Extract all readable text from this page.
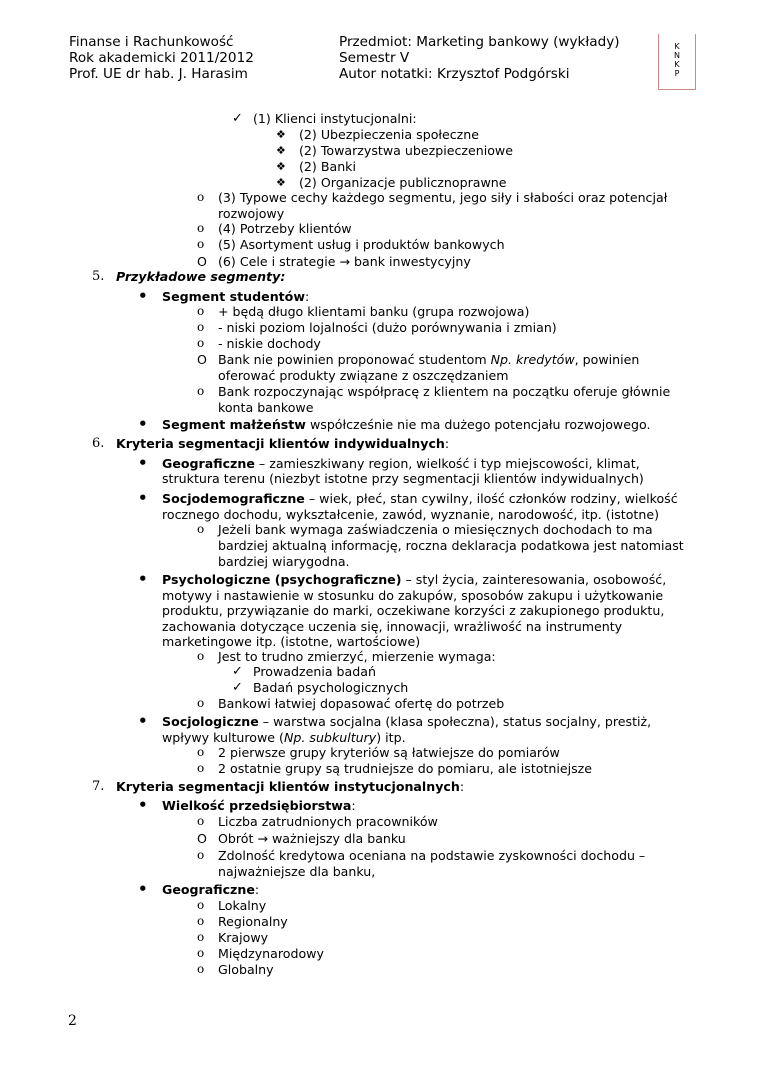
Finanse i Rachunkowość
Rok akademicki 2011/2012
Prof. UE dr hab. J. Harasim
Przedmiot: Marketing bankowy (wykłady)
Semestr V
Autor notatki: Krzysztof Podgórski
K
N
K
P
✓ (1) Klienci instytucjonalni:
❖ (2) Ubezpieczenia społeczne
❖ (2) Towarzystwa ubezpieczeniowe
❖ (2) Banki
❖ (2) Organizacje publicznoprawne
o (3) Typowe cechy każdego segmentu, jego siły i słabości oraz potencjał
rozwojowy
o (4) Potrzeby klientów
o (5) Asortyment usług i produktów bankowych
O (6) Cele i strategie → bank inwestycyjny
5. Przykładowe segmenty:
• Segment studentów:
o + będą długo klientami banku (grupa rozwojowa)
o - niski poziom lojalności (dużo porównywania i zmian)
o - niskie dochody
O Bank nie powinien proponować studentom Np. kredytów, powinien
oferować produkty związane z oszczędzaniem
o Bank rozpoczynając współpracę z klientem na początku oferuje głównie
konta bankowe
• Segment małżeństw współcześnie nie ma dużego potencjału rozwojowego.
6. Kryteria segmentacji klientów indywidualnych:
• Geograficzne – zamieszkiwany region, wielkość i typ miejscowości, klimat,
struktura terenu (niezbyt istotne przy segmentacji klientów indywidualnych)
• Socjodemograficzne – wiek, płeć, stan cywilny, ilość członków rodziny, wielkość
rocznego dochodu, wykształcenie, zawód, wyznanie, narodowość, itp. (istotne)
o Jeżeli bank wymaga zaświadczenia o miesięcznych dochodach to ma
bardziej aktualną informację, roczna deklaracja podatkowa jest natomiast
bardziej wiarygodna.
• Psychologiczne (psychograficzne) – styl życia, zainteresowania, osobowość,
motywy i nastawienie w stosunku do zakupów, sposobów zakupu i użytkowanie
produktu, przywiązanie do marki, oczekiwane korzyści z zakupionego produktu,
zachowania dotyczące uczenia się, innowacji, wrażliwość na instrumenty
marketingowe itp. (istotne, wartościowe)
o Jest to trudno zmierzyć, mierzenie wymaga:
✓ Prowadzenia badań
✓ Badań psychologicznych
o Bankowi łatwiej dopasować ofertę do potrzeb
• Socjologiczne – warstwa socjalna (klasa społeczna), status socjalny, prestiż,
wpływy kulturowe (Np. subkultury) itp.
o 2 pierwsze grupy kryteriów są łatwiejsze do pomiarów
o 2 ostatnie grupy są trudniejsze do pomiaru, ale istotniejsze
7. Kryteria segmentacji klientów instytucjonalnych:
• Wielkość przedsiębiorstwa:
o Liczba zatrudnionych pracowników
O Obrót → ważniejszy dla banku
o Zdolność kredytowa oceniana na podstawie zyskowności dochodu –
najważniejsze dla banku,
• Geograficzne:
o Lokalny
o Regionalny
o Krajowy
o Międzynarodowy
o Globalny
2
